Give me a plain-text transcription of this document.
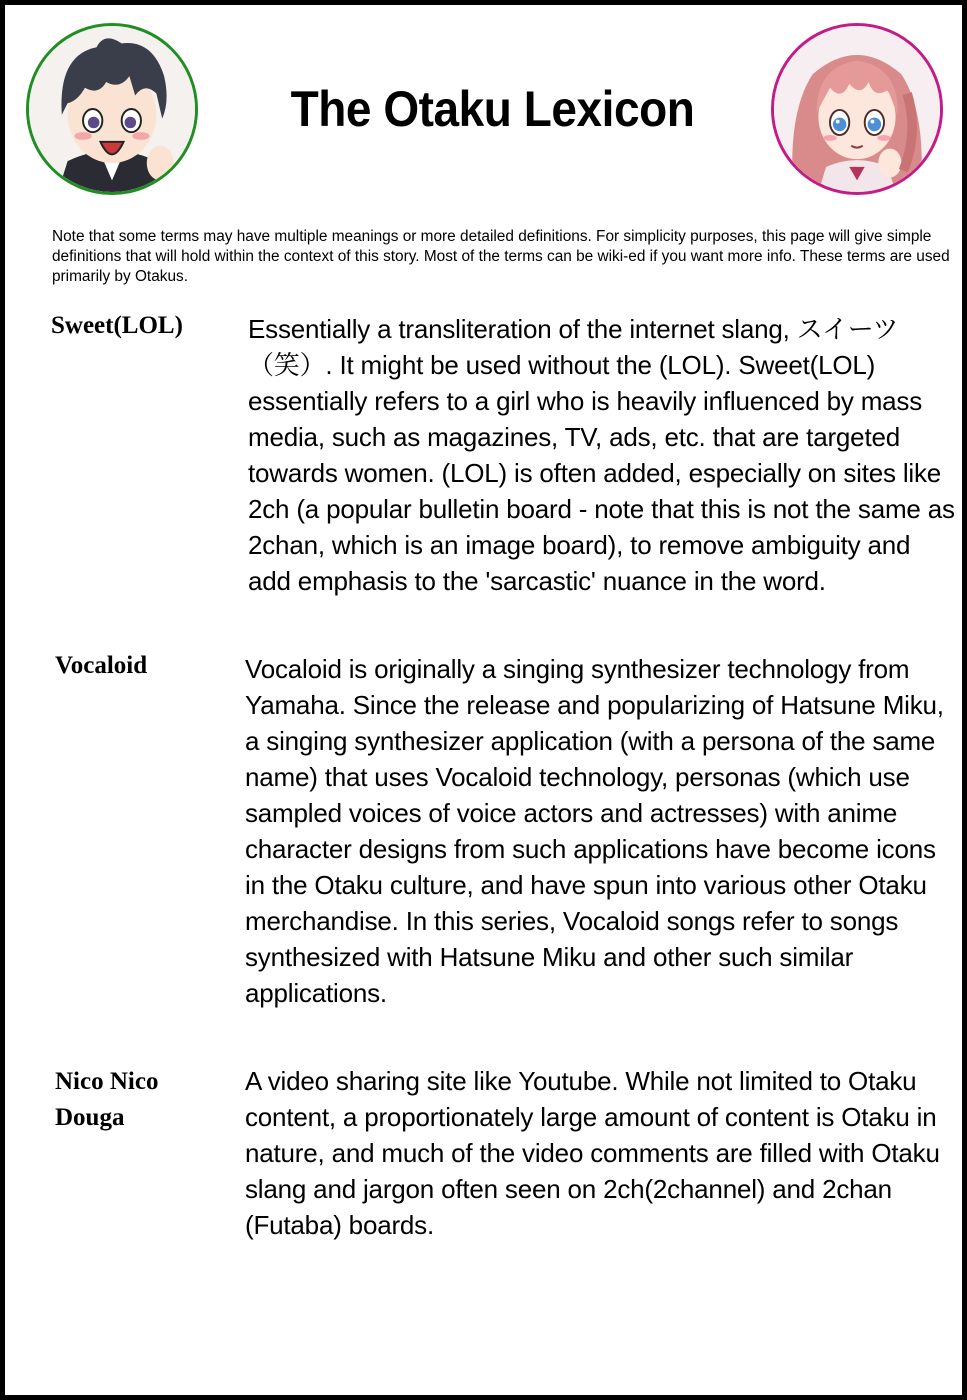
The Otaku Lexicon

Note that some terms may have multiple meanings or more detailed definitions. For simplicity purposes, this page will give simple definitions that will hold within the context of this story. Most of the terms can be wiki-ed if you want more info. These terms are used primarily by Otakus.

Sweet(LOL)	Essentially a transliteration of the internet slang, スイーツ（笑）. It might be used without the (LOL). Sweet(LOL) essentially refers to a girl who is heavily influenced by mass media, such as magazines, TV, ads, etc. that are targeted towards women. (LOL) is often added, especially on sites like 2ch (a popular bulletin board - note that this is not the same as 2chan, which is an image board), to remove ambiguity and add emphasis to the 'sarcastic' nuance in the word.

Vocaloid	Vocaloid is originally a singing synthesizer technology from Yamaha. Since the release and popularizing of Hatsune Miku, a singing synthesizer application (with a persona of the same name) that uses Vocaloid technology, personas (which use sampled voices of voice actors and actresses) with anime character designs from such applications have become icons in the Otaku culture, and have spun into various other Otaku merchandise. In this series, Vocaloid songs refer to songs synthesized with Hatsune Miku and other such similar applications.

Nico Nico Douga

A video sharing site like Youtube. While not limited to Otaku content, a proportionately large amount of content is Otaku in nature, and much of the video comments are filled with Otaku slang and jargon often seen on 2ch(2channel) and 2chan (Futaba) boards.
